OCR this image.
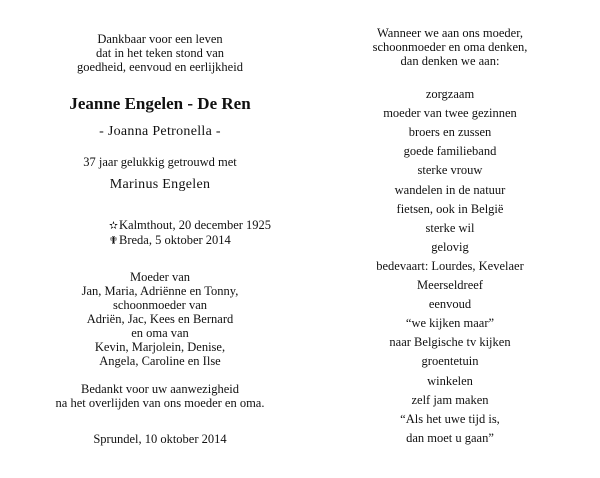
Dankbaar voor een leven
dat in het teken stond van
goedheid, eenvoud en eerlijkheid
Jeanne Engelen - De Ren
- Joanna Petronella -
37 jaar gelukkig getrouwd met
Marinus Engelen
✫Kalmthout, 20 december 1925
✟Breda, 5 oktober 2014
Moeder van
Jan, Maria, Adriënne en Tonny,
schoonmoeder van
Adriën, Jac, Kees en Bernard
en oma van
Kevin, Marjolein, Denise,
Angela, Caroline en Ilse
Bedankt voor uw aanwezigheid
na het overlijden van ons moeder en oma.
Sprundel, 10 oktober 2014
Wanneer we aan ons moeder,
schoonmoeder en oma denken,
dan denken we aan:
zorgzaam
moeder van twee gezinnen
broers en zussen
goede familieband
sterke vrouw
wandelen in de natuur
fietsen, ook in België
sterke wil
gelovig
bedevaart: Lourdes, Kevelaer
Meerseldreef
eenvoud
“we kijken maar”
naar Belgische tv kijken
groentetuin
winkelen
zelf jam maken
“Als het uwe tijd is,
dan moet u gaan”
